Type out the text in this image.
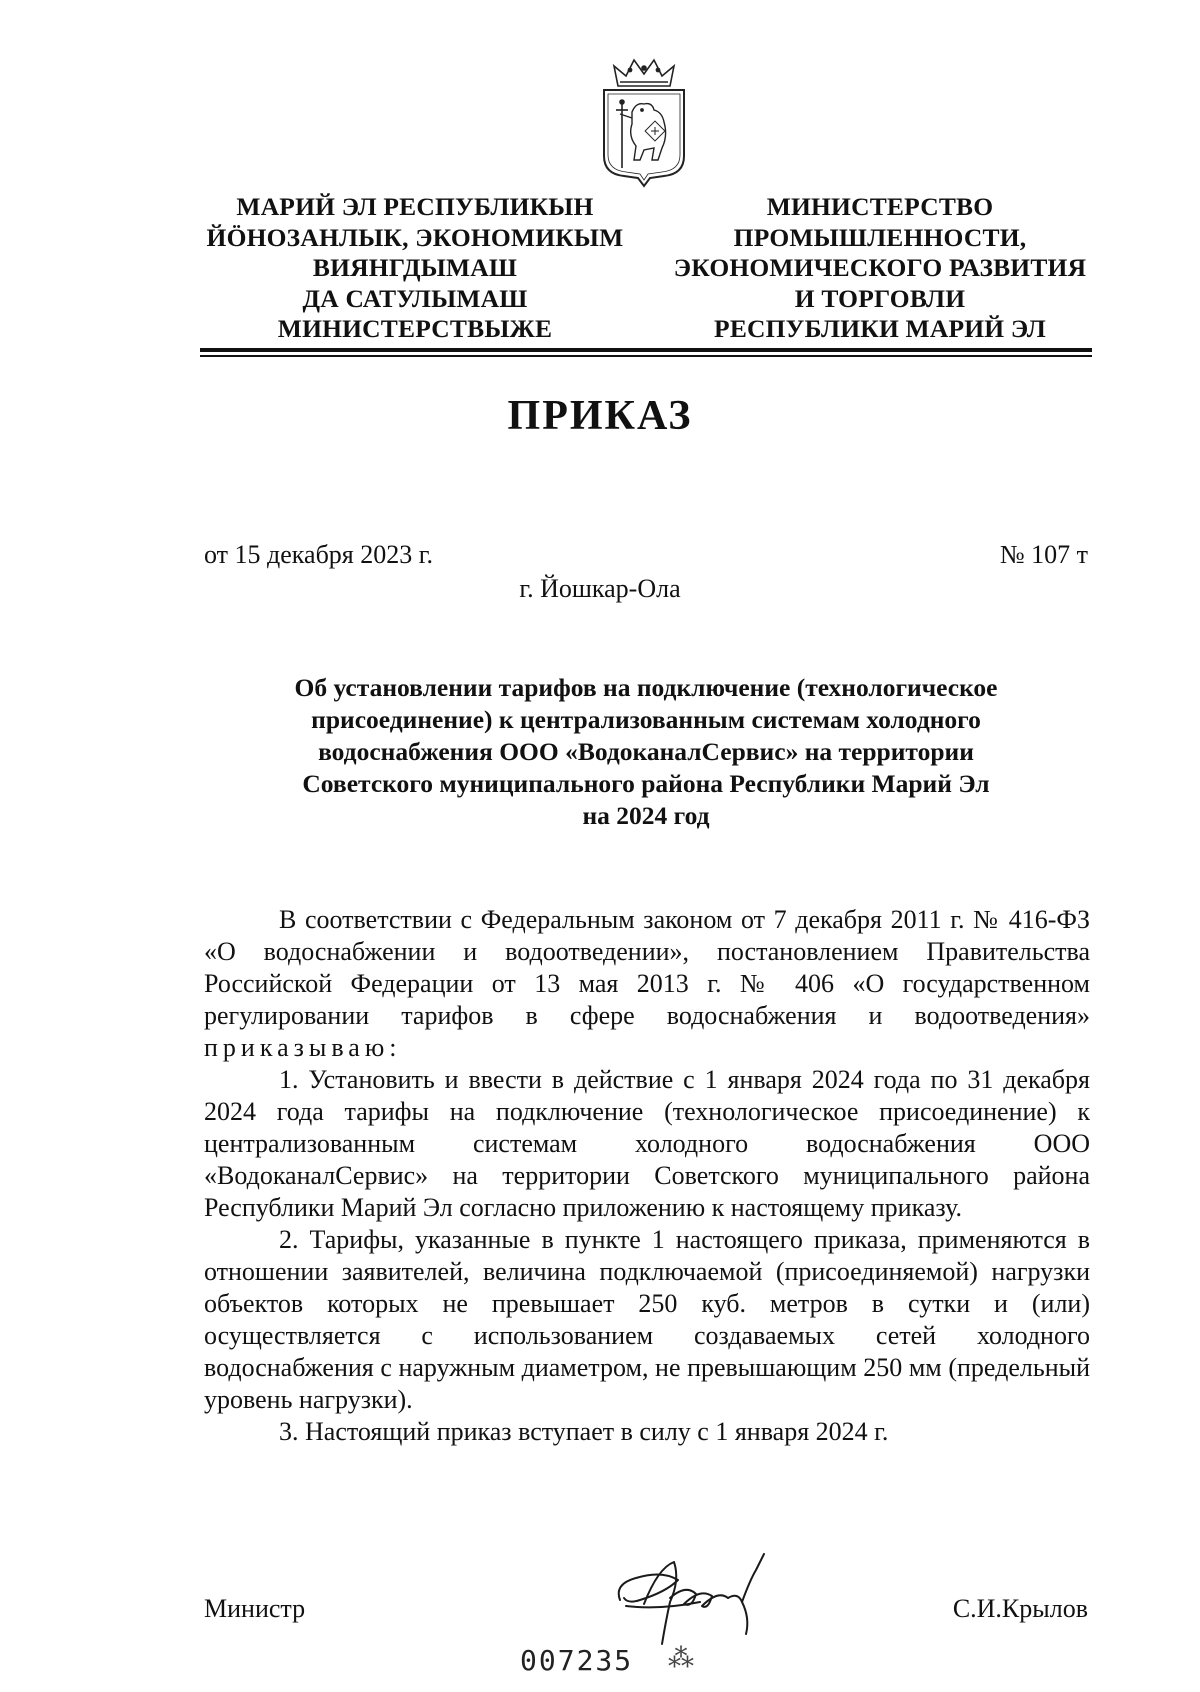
МАРИЙ ЭЛ РЕСПУБЛИКЫН
ЙӦНОЗАНЛЫК, ЭКОНОМИКЫМ
ВИЯНГДЫМАШ
ДА САТУЛЫМАШ
МИНИСТЕРСТВЫЖЕ
МИНИСТЕРСТВО
ПРОМЫШЛЕННОСТИ,
ЭКОНОМИЧЕСКОГО РАЗВИТИЯ
И ТОРГОВЛИ
РЕСПУБЛИКИ МАРИЙ ЭЛ
ПРИКАЗ
от 15 декабря 2023 г.	№ 107 т
г. Йошкар-Ола
Об установлении тарифов на подключение (технологическое
присоединение) к централизованным системам холодного
водоснабжения ООО «ВодоканалСервис» на территории
Советского муниципального района Республики Марий Эл
на 2024 год

В соответствии с Федеральным законом от 7 декабря 2011 г. № 416-ФЗ «О водоснабжении и водоотведении», постановлением Правительства Российской Федерации от 13 мая 2013 г. № 406 «О государственном регулировании тарифов в сфере водоснабжения и водоотведения» приказываю:

1. Установить и ввести в действие с 1 января 2024 года по 31 декабря 2024 года тарифы на подключение (технологическое присоединение) к централизованным системам холодного водоснабжения ООО «ВодоканалСервис» на территории Советского муниципального района Республики Марий Эл согласно приложению к настоящему приказу.

2. Тарифы, указанные в пункте 1 настоящего приказа, применяются в отношении заявителей, величина подключаемой (присоединяемой) нагрузки объектов которых не превышает 250 куб. метров в сутки и (или) осуществляется с использованием создаваемых сетей холодного водоснабжения с наружным диаметром, не превышающим 250 мм (предельный уровень нагрузки).

3. Настоящий приказ вступает в силу с 1 января 2024 г.

Министр	С.И.Крылов
007235 ⁂
